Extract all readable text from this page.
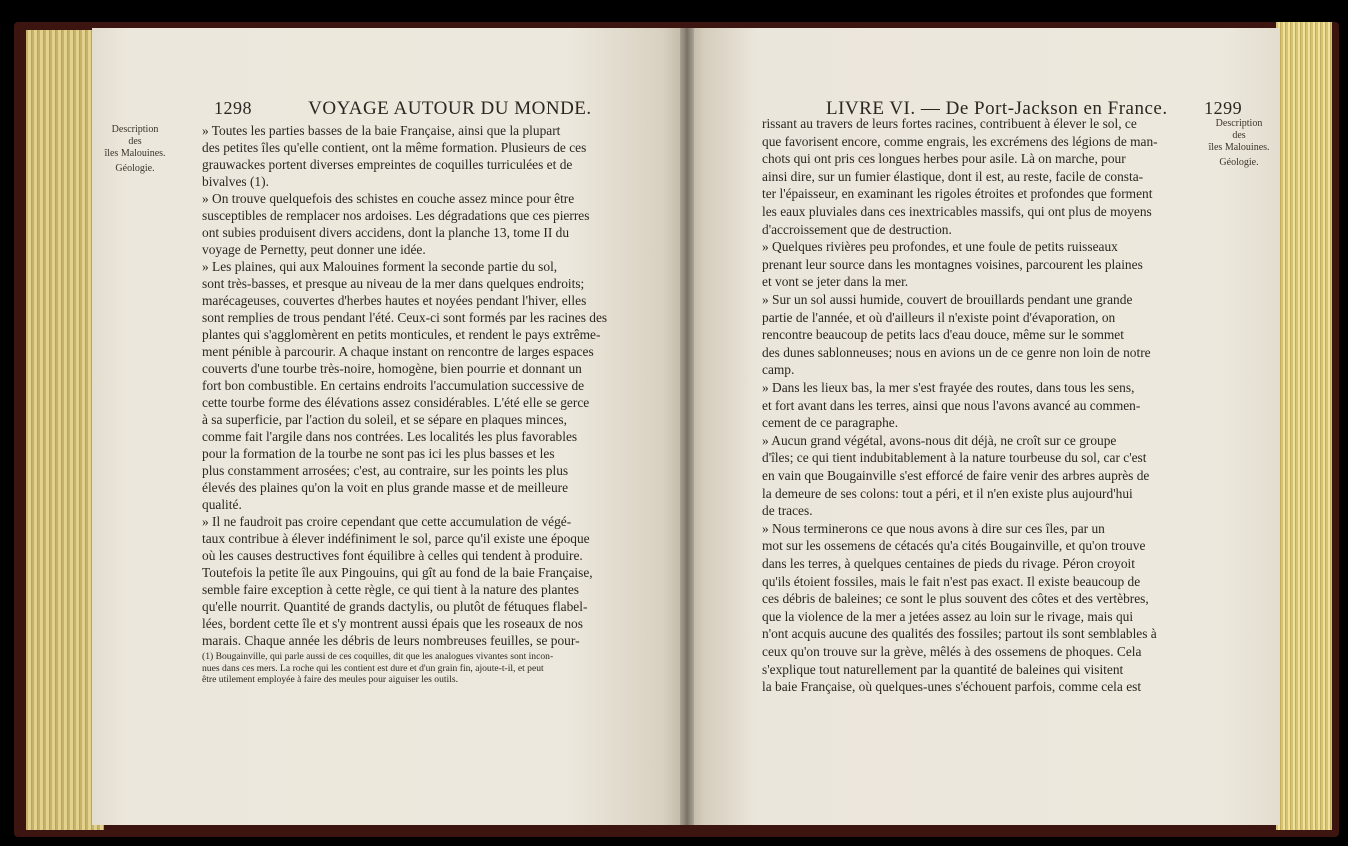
1298	VOYAGE AUTOUR DU MONDE.
Description
des
îles Malouines.
Géologie.
» Toutes les parties basses de la baie Française, ainsi que la plupart
des petites îles qu'elle contient, ont la même formation. Plusieurs de ces
grauwackes portent diverses empreintes de coquilles turriculées et de
bivalves (1).
» On trouve quelquefois des schistes en couche assez mince pour être
susceptibles de remplacer nos ardoises. Les dégradations que ces pierres
ont subies produisent divers accidens, dont la planche 13, tome II du
voyage de Pernetty, peut donner une idée.
» Les plaines, qui aux Malouines forment la seconde partie du sol,
sont très-basses, et presque au niveau de la mer dans quelques endroits;
marécageuses, couvertes d'herbes hautes et noyées pendant l'hiver, elles
sont remplies de trous pendant l'été. Ceux-ci sont formés par les racines des
plantes qui s'agglomèrent en petits monticules, et rendent le pays extrême-
ment pénible à parcourir. A chaque instant on rencontre de larges espaces
couverts d'une tourbe très-noire, homogène, bien pourrie et donnant un
fort bon combustible. En certains endroits l'accumulation successive de
cette tourbe forme des élévations assez considérables. L'été elle se gerce
à sa superficie, par l'action du soleil, et se sépare en plaques minces,
comme fait l'argile dans nos contrées. Les localités les plus favorables
pour la formation de la tourbe ne sont pas ici les plus basses et les
plus constamment arrosées; c'est, au contraire, sur les points les plus
élevés des plaines qu'on la voit en plus grande masse et de meilleure
qualité.
» Il ne faudroit pas croire cependant que cette accumulation de végé-
taux contribue à élever indéfiniment le sol, parce qu'il existe une époque
où les causes destructives font équilibre à celles qui tendent à produire.
Toutefois la petite île aux Pingouins, qui gît au fond de la baie Française,
semble faire exception à cette règle, ce qui tient à la nature des plantes
qu'elle nourrit. Quantité de grands dactylis, ou plutôt de fétuques flabel-
lées, bordent cette île et s'y montrent aussi épais que les roseaux de nos
marais. Chaque année les débris de leurs nombreuses feuilles, se pour-
(1) Bougainville, qui parle aussi de ces coquilles, dit que les analogues vivantes sont incon-
nues dans ces mers. La roche qui les contient est dure et d'un grain fin, ajoute-t-il, et peut
être utilement employée à faire des meules pour aiguiser les outils.
LIVRE VI. — De Port-Jackson en France. 1299
Description
des
îles Malouines.
Géologie.
rissant au travers de leurs fortes racines, contribuent à élever le sol, ce
que favorisent encore, comme engrais, les excrémens des légions de man-
chots qui ont pris ces longues herbes pour asile. Là on marche, pour
ainsi dire, sur un fumier élastique, dont il est, au reste, facile de consta-
ter l'épaisseur, en examinant les rigoles étroites et profondes que forment
les eaux pluviales dans ces inextricables massifs, qui ont plus de moyens
d'accroissement que de destruction.
» Quelques rivières peu profondes, et une foule de petits ruisseaux
prenant leur source dans les montagnes voisines, parcourent les plaines
et vont se jeter dans la mer.
» Sur un sol aussi humide, couvert de brouillards pendant une grande
partie de l'année, et où d'ailleurs il n'existe point d'évaporation, on
rencontre beaucoup de petits lacs d'eau douce, même sur le sommet
des dunes sablonneuses; nous en avions un de ce genre non loin de notre
camp.
» Dans les lieux bas, la mer s'est frayée des routes, dans tous les sens,
et fort avant dans les terres, ainsi que nous l'avons avancé au commen-
cement de ce paragraphe.
» Aucun grand végétal, avons-nous dit déjà, ne croît sur ce groupe
d'îles; ce qui tient indubitablement à la nature tourbeuse du sol, car c'est
en vain que Bougainville s'est efforcé de faire venir des arbres auprès de
la demeure de ses colons: tout a péri, et il n'en existe plus aujourd'hui
de traces.
» Nous terminerons ce que nous avons à dire sur ces îles, par un
mot sur les ossemens de cétacés qu'a cités Bougainville, et qu'on trouve
dans les terres, à quelques centaines de pieds du rivage. Péron croyoit
qu'ils étoient fossiles, mais le fait n'est pas exact. Il existe beaucoup de
ces débris de baleines; ce sont le plus souvent des côtes et des vertèbres,
que la violence de la mer a jetées assez au loin sur le rivage, mais qui
n'ont acquis aucune des qualités des fossiles; partout ils sont semblables à
ceux qu'on trouve sur la grève, mêlés à des ossemens de phoques. Cela
s'explique tout naturellement par la quantité de baleines qui visitent
la baie Française, où quelques-unes s'échouent parfois, comme cela est
